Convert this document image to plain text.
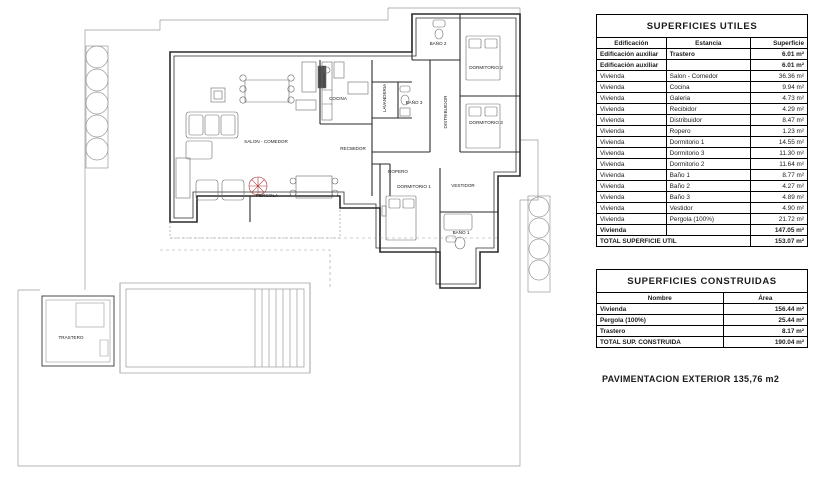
SALON - COMEDOR
COCINA	LAVANDERIA	BAÑO 3
BAÑO 2
DISTRIBUIDOR
DORMITORIO 2
DORMITORIO 3
RECIBIDOR
ROPERO
DORMITORIO 1	VESTIDOR
BAÑO 1
PERGOLA
TRASTERO
SUPERFICIES UTILES
Edificación	Estancia	Superficie
Edificación auxiliar	Trastero	6.01 m²
Edificación auxiliar		6.01 m²
Vivienda	Salon - Comedor	36.36 m²
Vivienda	Cocina	9.94 m²
Vivienda	Galeria	4.73 m²
Vivienda	Recibidor	4.29 m²
Vivienda	Distribuidor	8.47 m²
Vivienda	Ropero	1.23 m²
Vivienda	Dormitorio 1	14.55 m²
Vivienda	Dormitorio 3	11.30 m²
Vivienda	Dormitorio 2	11.64 m²
Vivienda	Baño 1	8.77 m²
Vivienda	Baño 2	4.27 m²
Vivienda	Baño 3	4.89 m²
Vivienda	Vestidor	4.90 m²
Vivienda	Pergola (100%)	21.72 m²
Vivienda		147.05 m²
TOTAL SUPERFICIE UTIL		153.07 m²
SUPERFICIES CONSTRUIDAS
Nombre	Área
Vivienda	156.44 m²
Pergola (100%)	25.44 m²
Trastero	8.17 m²
TOTAL SUP. CONSTRUIDA	190.04 m²
PAVIMENTACION EXTERIOR 135,76 m2
